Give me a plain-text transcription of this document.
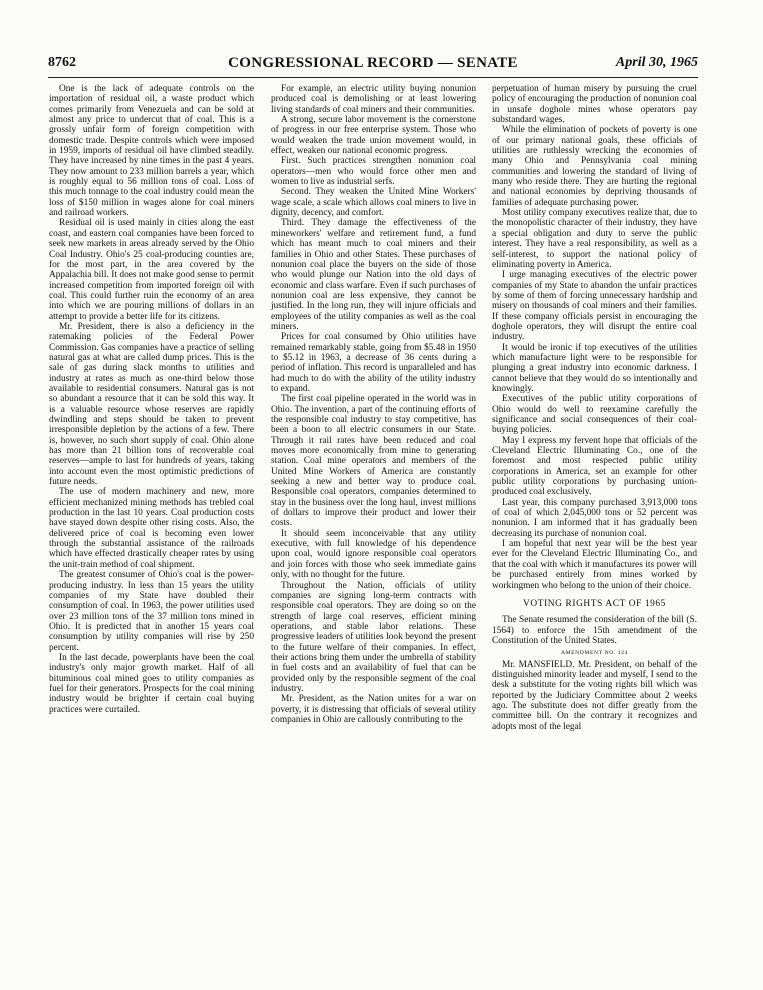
8762	CONGRESSIONAL RECORD — SENATE	April 30, 1965

One is the lack of adequate controls on the importation of residual oil, a waste product which comes primarily from Venezuela and can be sold at almost any price to undercut that of coal. This is a grossly unfair form of foreign competition with domestic trade. Despite controls which were imposed in 1959, imports of residual oil have climbed steadily. They have increased by nine times in the past 4 years. They now amount to 233 million barrels a year, which is roughly equal to 56 million tons of coal. Loss of this much tonnage to the coal industry could mean the loss of $150 million in wages alone for coal miners and railroad workers.

Residual oil is used mainly in cities along the east coast, and eastern coal companies have been forced to seek new markets in areas already served by the Ohio Coal Industry. Ohio's 25 coal-producing counties are, for the most part, in the area covered by the Appalachia bill. It does not make good sense to permit increased competition from imported foreign oil with coal. This could further ruin the economy of an area into which we are pouring millions of dollars in an attempt to provide a better life for its citizens.

Mr. President, there is also a deficiency in the ratemaking policies of the Federal Power Commission. Gas companies have a practice of selling natural gas at what are called dump prices. This is the sale of gas during slack months to utilities and industry at rates as much as one-third below those available to residential consumers. Natural gas is not so abundant a resource that it can be sold this way. It is a valuable resource whose reserves are rapidly dwindling and steps should be taken to prevent irresponsible depletion by the actions of a few. There is, however, no such short supply of coal. Ohio alone has more than 21 billion tons of recoverable coal reserves—ample to last for hundreds of years, taking into account even the most optimistic predictions of future needs.

The use of modern machinery and new, more efficient mechanized mining methods has trebled coal production in the last 10 years. Coal production costs have stayed down despite other rising costs. Also, the delivered price of coal is becoming even lower through the substantial assistance of the railroads which have effected drastically cheaper rates by using the unit-train method of coal shipment.

The greatest consumer of Ohio's coal is the power-producing industry. In less than 15 years the utility companies of my State have doubled their consumption of coal. In 1963, the power utilities used over 23 million tons of the 37 million tons mined in Ohio. It is predicted that in another 15 years coal consumption by utility companies will rise by 250 percent.

In the last decade, powerplants have been the coal industry's only major growth market. Half of all bituminous coal mined goes to utility companies as fuel for their generators. Prospects for the coal mining industry would be brighter if certain coal buying practices were curtailed.

For example, an electric utility buying nonunion produced coal is demolishing or at least lowering living standards of coal miners and their communities.

A strong, secure labor movement is the cornerstone of progress in our free enterprise system. Those who would weaken the trade union movement would, in effect, weaken our national economic progress.

First. Such practices strengthen nonunion coal operators—men who would force other men and women to live as industrial serfs.

Second. They weaken the United Mine Workers' wage scale, a scale which allows coal miners to live in dignity, decency, and comfort.

Third. They damage the effectiveness of the mineworkers' welfare and retirement fund, a fund which has meant much to coal miners and their families in Ohio and other States. These purchases of nonunion coal place the buyers on the side of those who would plunge our Nation into the old days of economic and class warfare. Even if such purchases of nonunion coal are less expensive, they cannot be justified. In the long run, they will injure officials and employees of the utility companies as well as the coal miners.

Prices for coal consumed by Ohio utilities have remained remarkably stable, going from $5.48 in 1950 to $5.12 in 1963, a decrease of 36 cents during a period of inflation. This record is unparalleled and has had much to do with the ability of the utility industry to expand.

The first coal pipeline operated in the world was in Ohio. The invention, a part of the continuing efforts of the responsible coal industry to stay competitive, has been a boon to all electric consumers in our State. Through it rail rates have been reduced and coal moves more economically from mine to generating station. Coal mine operators and members of the United Mine Workers of America are constantly seeking a new and better way to produce coal. Responsible coal operators, companies determined to stay in the business over the long haul, invest millions of dollars to improve their product and lower their costs.

It should seem inconceivable that any utility executive, with full knowledge of his dependence upon coal, would ignore responsible coal operators and join forces with those who seek immediate gains only, with no thought for the future.

Throughout the Nation, officials of utility companies are signing long-term contracts with responsible coal operators. They are doing so on the strength of large coal reserves, efficient mining operations, and stable labor relations. These progressive leaders of utilities look beyond the present to the future welfare of their companies. In effect, their actions bring them under the umbrella of stability in fuel costs and an availability of fuel that can be provided only by the responsible segment of the coal industry.

Mr. President, as the Nation unites for a war on poverty, it is distressing that officials of several utility companies in Ohio are callously contributing to the

perpetuation of human misery by pursuing the cruel policy of encouraging the production of nonunion coal in unsafe doghole mines whose operators pay substandard wages.

While the elimination of pockets of poverty is one of our primary national goals, these officials of utilities are ruthlessly wrecking the economies of many Ohio and Pennsylvania coal mining communities and lowering the standard of living of many who reside there. They are hurting the regional and national economies by depriving thousands of families of adequate purchasing power.

Most utility company executives realize that, due to the monopolistic character of their industry, they have a special obligation and duty to serve the public interest. They have a real responsibility, as well as a self-interest, to support the national policy of eliminating poverty in America.

I urge managing executives of the electric power companies of my State to abandon the unfair practices by some of them of forcing unnecessary hardship and misery on thousands of coal miners and their families. If these company officials persist in encouraging the doghole operators, they will disrupt the entire coal industry.

It would be ironic if top executives of the utilities which manufacture light were to be responsible for plunging a great industry into economic darkness. I cannot believe that they would do so intentionally and knowingly.

Executives of the public utility corporations of Ohio would do well to reexamine carefully the significance and social consequences of their coal-buying policies.

May I express my fervent hope that officials of the Cleveland Electric Illuminating Co., one of the foremost and most respected public utility corporations in America, set an example for other public utility corporations by purchasing union-produced coal exclusively.

Last year, this company purchased 3,913,000 tons of coal of which 2,045,000 tons or 52 percent was nonunion. I am informed that it has gradually been decreasing its purchase of nonunion coal.

I am hopeful that next year will be the best year ever for the Cleveland Electric Illuminating Co., and that the coal with which it manufactures its power will be purchased entirely from mines worked by workingmen who belong to the union of their choice.

VOTING RIGHTS ACT OF 1965

The Senate resumed the consideration of the bill (S. 1564) to enforce the 15th amendment of the Constitution of the United States.

AMENDMENT NO. 124

Mr. MANSFIELD. Mr. President, on behalf of the distinguished minority leader and myself, I send to the desk a substitute for the voting rights bill which was reported by the Judiciary Committee about 2 weeks ago. The substitute does not differ greatly from the committee bill. On the contrary it recognizes and adopts most of the legal
